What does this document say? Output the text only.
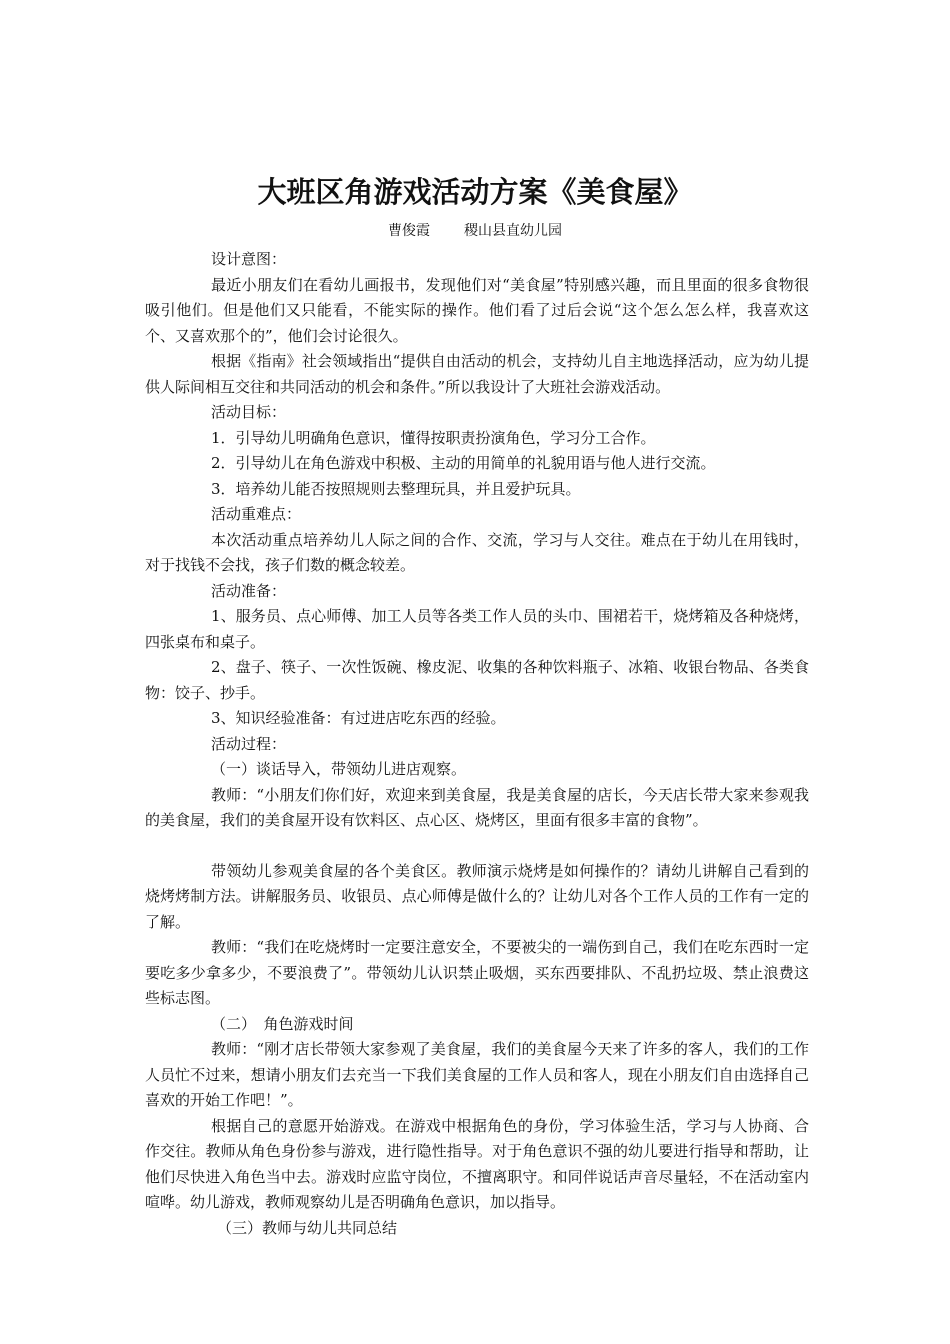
大班区角游戏活动方案《美食屋》
曹俊霞 稷山县直幼儿园

设计意图：

最近小朋友们在看幼儿画报书，发现他们对“美食屋”特别感兴趣，而且里面的很多食物很吸引他们。但是他们又只能看，不能实际的操作。他们看了过后会说“这个怎么怎么样，我喜欢这个、又喜欢那个的”，他们会讨论很久。

根据《指南》社会领域指出“提供自由活动的机会，支持幼儿自主地选择活动，应为幼儿提供人际间相互交往和共同活动的机会和条件。”所以我设计了大班社会游戏活动。

活动目标：

1．引导幼儿明确角色意识，懂得按职责扮演角色，学习分工合作。

2．引导幼儿在角色游戏中积极、主动的用简单的礼貌用语与他人进行交流。

3．培养幼儿能否按照规则去整理玩具，并且爱护玩具。

活动重难点：

本次活动重点培养幼儿人际之间的合作、交流，学习与人交往。难点在于幼儿在用钱时，对于找钱不会找，孩子们数的概念较差。

活动准备：

1、服务员、点心师傅、加工人员等各类工作人员的头巾、围裙若干，烧烤箱及各种烧烤，四张桌布和桌子。

2、盘子、筷子、一次性饭碗、橡皮泥、收集的各种饮料瓶子、冰箱、收银台物品、各类食物：饺子、抄手。

3、知识经验准备：有过进店吃东西的经验。

活动过程：

（一）谈话导入，带领幼儿进店观察。

教师：“小朋友们你们好，欢迎来到美食屋，我是美食屋的店长，今天店长带大家来参观我的美食屋，我们的美食屋开设有饮料区、点心区、烧烤区，里面有很多丰富的食物”。

带领幼儿参观美食屋的各个美食区。教师演示烧烤是如何操作的？请幼儿讲解自己看到的烧烤烤制方法。讲解服务员、收银员、点心师傅是做什么的？让幼儿对各个工作人员的工作有一定的了解。

教师：“我们在吃烧烤时一定要注意安全，不要被尖的一端伤到自己，我们在吃东西时一定要吃多少拿多少，不要浪费了”。带领幼儿认识禁止吸烟，买东西要排队、不乱扔垃圾、禁止浪费这些标志图。

（二）　角色游戏时间

教师：“刚才店长带领大家参观了美食屋，我们的美食屋今天来了许多的客人，我们的工作人员忙不过来，想请小朋友们去充当一下我们美食屋的工作人员和客人，现在小朋友们自由选择自己喜欢的开始工作吧！”。

根据自己的意愿开始游戏。在游戏中根据角色的身份，学习体验生活，学习与人协商、合作交往。教师从角色身份参与游戏，进行隐性指导。对于角色意识不强的幼儿要进行指导和帮助，让他们尽快进入角色当中去。游戏时应监守岗位，不擅离职守。和同伴说话声音尽量轻，不在活动室内喧哗。幼儿游戏，教师观察幼儿是否明确角色意识，加以指导。

（三）教师与幼儿共同总结
